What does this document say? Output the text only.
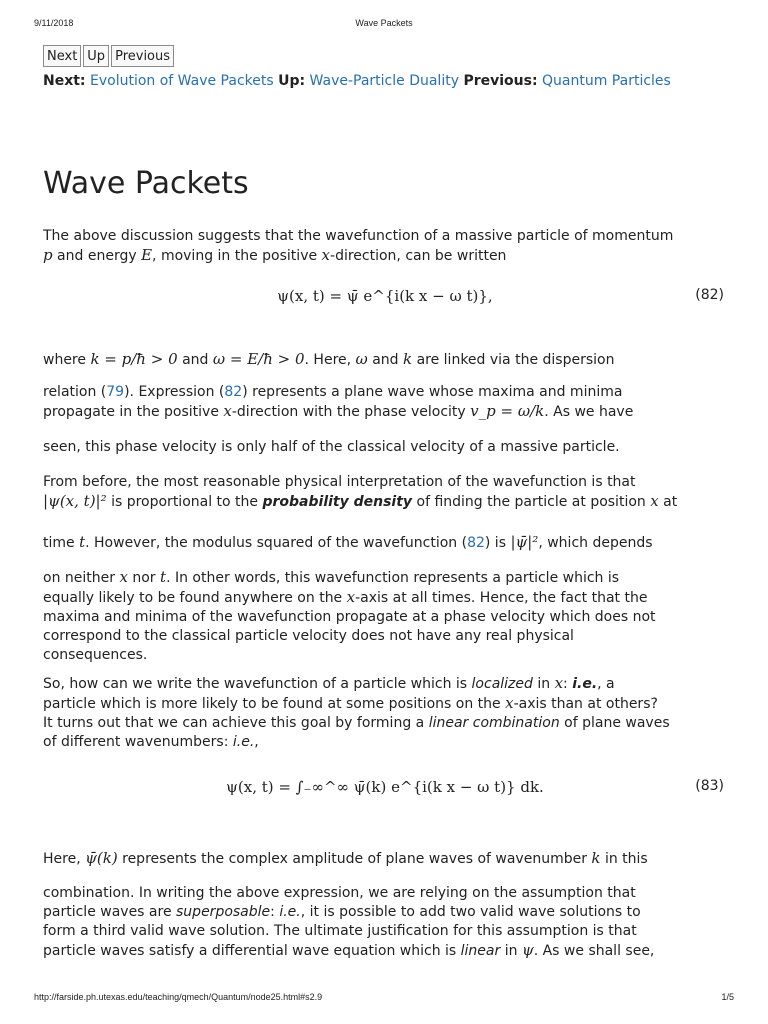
9/11/2018	Wave Packets
Next Up Previous
Next: Evolution of Wave Packets Up: Wave-Particle Duality Previous: Quantum Particles
Wave Packets
The above discussion suggests that the wavefunction of a massive particle of momentum
p and energy E, moving in the positive x-direction, can be written
ψ(x, t) = ψ̄ e^{i(k x − ω t)},	(82)
where k = p/ħ > 0 and ω = E/ħ > 0. Here, ω and k are linked via the dispersion
relation (79). Expression (82) represents a plane wave whose maxima and minima
propagate in the positive x-direction with the phase velocity v_p = ω/k. As we have
seen, this phase velocity is only half of the classical velocity of a massive particle.
From before, the most reasonable physical interpretation of the wavefunction is that
|ψ(x, t)|² is proportional to the probability density of finding the particle at position x at
time t. However, the modulus squared of the wavefunction (82) is |ψ̄|², which depends
on neither x nor t. In other words, this wavefunction represents a particle which is
equally likely to be found anywhere on the x-axis at all times. Hence, the fact that the
maxima and minima of the wavefunction propagate at a phase velocity which does not
correspond to the classical particle velocity does not have any real physical
consequences.
So, how can we write the wavefunction of a particle which is localized in x: i.e., a
particle which is more likely to be found at some positions on the x-axis than at others?
It turns out that we can achieve this goal by forming a linear combination of plane waves
of different wavenumbers: i.e.,
ψ(x, t) = ∫₋∞^∞ ψ̄(k) e^{i(k x − ω t)} dk.	(83)
Here, ψ̄(k) represents the complex amplitude of plane waves of wavenumber k in this
combination. In writing the above expression, we are relying on the assumption that
particle waves are superposable: i.e., it is possible to add two valid wave solutions to
form a third valid wave solution. The ultimate justification for this assumption is that
particle waves satisfy a differential wave equation which is linear in ψ. As we shall see,
http://farside.ph.utexas.edu/teaching/qmech/Quantum/node25.html#s2.9	1/5
